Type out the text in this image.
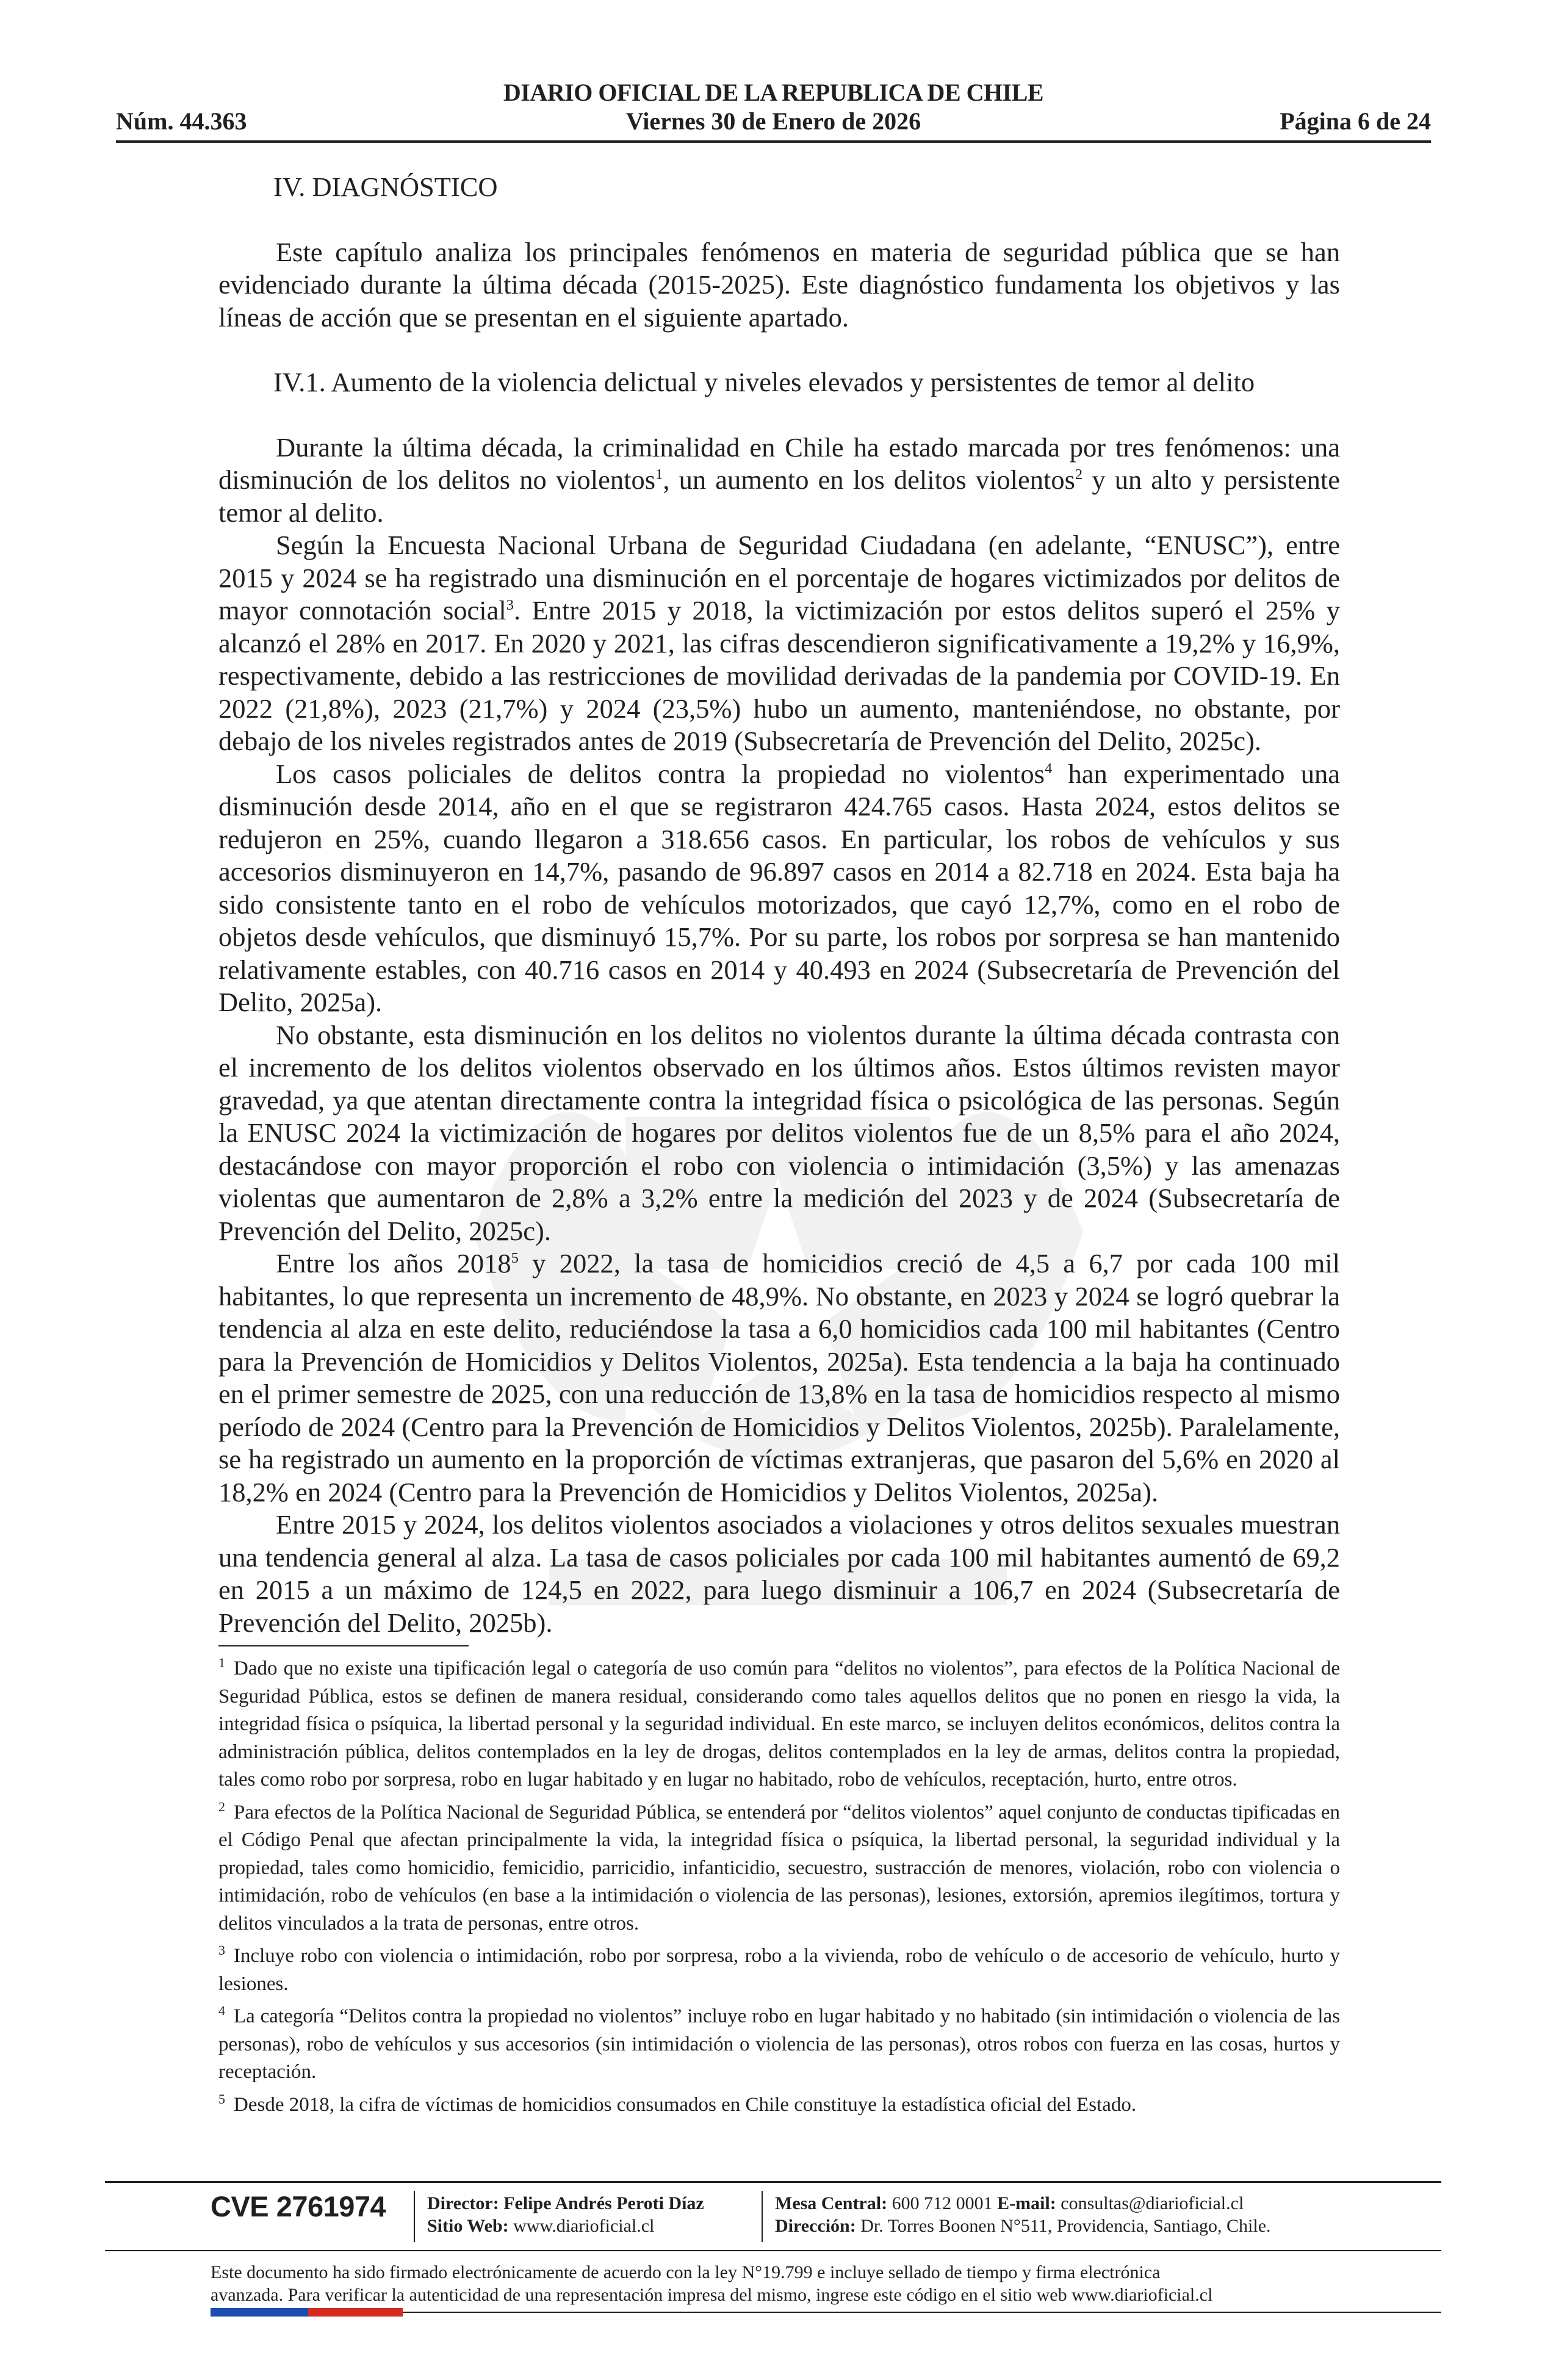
DIARIO OFICIAL DE LA REPUBLICA DE CHILE
Núm. 44.363	Viernes 30 de Enero de 2026	Página 6 de 24

IV. DIAGNÓSTICO

Este capítulo analiza los principales fenómenos en materia de seguridad pública que se han evidenciado durante la última década (2015-2025). Este diagnóstico fundamenta los objetivos y las líneas de acción que se presentan en el siguiente apartado.

IV.1. Aumento de la violencia delictual y niveles elevados y persistentes de temor al delito

Durante la última década, la criminalidad en Chile ha estado marcada por tres fenómenos: una disminución de los delitos no violentos$^1$, un aumento en los delitos violentos$^2$ y un alto y persistente temor al delito.

Según la Encuesta Nacional Urbana de Seguridad Ciudadana (en adelante, “ENUSC”), entre 2015 y 2024 se ha registrado una disminución en el porcentaje de hogares victimizados por delitos de mayor connotación social$^3$. Entre 2015 y 2018, la victimización por estos delitos superó el 25% y alcanzó el 28% en 2017. En 2020 y 2021, las cifras descendieron significativamente a 19,2% y 16,9%, respectivamente, debido a las restricciones de movilidad derivadas de la pandemia por COVID-19. En 2022 (21,8%), 2023 (21,7%) y 2024 (23,5%) hubo un aumento, manteniéndose, no obstante, por debajo de los niveles registrados antes de 2019 (Subsecretaría de Prevención del Delito, 2025c).

Los casos policiales de delitos contra la propiedad no violentos$^4$ han experimentado una disminución desde 2014, año en el que se registraron 424.765 casos. Hasta 2024, estos delitos se redujeron en 25%, cuando llegaron a 318.656 casos. En particular, los robos de vehículos y sus accesorios disminuyeron en 14,7%, pasando de 96.897 casos en 2014 a 82.718 en 2024. Esta baja ha sido consistente tanto en el robo de vehículos motorizados, que cayó 12,7%, como en el robo de objetos desde vehículos, que disminuyó 15,7%. Por su parte, los robos por sorpresa se han mantenido relativamente estables, con 40.716 casos en 2014 y 40.493 en 2024 (Subsecretaría de Prevención del Delito, 2025a).

No obstante, esta disminución en los delitos no violentos durante la última década contrasta con el incremento de los delitos violentos observado en los últimos años. Estos últimos revisten mayor gravedad, ya que atentan directamente contra la integridad física o psicológica de las personas. Según la ENUSC 2024 la victimización de hogares por delitos violentos fue de un 8,5% para el año 2024, destacándose con mayor proporción el robo con violencia o intimidación (3,5%) y las amenazas violentas que aumentaron de 2,8% a 3,2% entre la medición del 2023 y de 2024 (Subsecretaría de Prevención del Delito, 2025c).

Entre los años 2018$^5$ y 2022, la tasa de homicidios creció de 4,5 a 6,7 por cada 100 mil habitantes, lo que representa un incremento de 48,9%. No obstante, en 2023 y 2024 se logró quebrar la tendencia al alza en este delito, reduciéndose la tasa a 6,0 homicidios cada 100 mil habitantes (Centro para la Prevención de Homicidios y Delitos Violentos, 2025a). Esta tendencia a la baja ha continuado en el primer semestre de 2025, con una reducción de 13,8% en la tasa de homicidios respecto al mismo período de 2024 (Centro para la Prevención de Homicidios y Delitos Violentos, 2025b). Paralelamente, se ha registrado un aumento en la proporción de víctimas extranjeras, que pasaron del 5,6% en 2020 al 18,2% en 2024 (Centro para la Prevención de Homicidios y Delitos Violentos, 2025a).

Entre 2015 y 2024, los delitos violentos asociados a violaciones y otros delitos sexuales muestran una tendencia general al alza. La tasa de casos policiales por cada 100 mil habitantes aumentó de 69,2 en 2015 a un máximo de 124,5 en 2022, para luego disminuir a 106,7 en 2024 (Subsecretaría de Prevención del Delito, 2025b).

$^1$ Dado que no existe una tipificación legal o categoría de uso común para “delitos no violentos”, para efectos de la Política Nacional de Seguridad Pública, estos se definen de manera residual, considerando como tales aquellos delitos que no ponen en riesgo la vida, la integridad física o psíquica, la libertad personal y la seguridad individual. En este marco, se incluyen delitos económicos, delitos contra la administración pública, delitos contemplados en la ley de drogas, delitos contemplados en la ley de armas, delitos contra la propiedad, tales como robo por sorpresa, robo en lugar habitado y en lugar no habitado, robo de vehículos, receptación, hurto, entre otros.

$^2$ Para efectos de la Política Nacional de Seguridad Pública, se entenderá por “delitos violentos” aquel conjunto de conductas tipificadas en el Código Penal que afectan principalmente la vida, la integridad física o psíquica, la libertad personal, la seguridad individual y la propiedad, tales como homicidio, femicidio, parricidio, infanticidio, secuestro, sustracción de menores, violación, robo con violencia o intimidación, robo de vehículos (en base a la intimidación o violencia de las personas), lesiones, extorsión, apremios ilegítimos, tortura y delitos vinculados a la trata de personas, entre otros.

$^3$ Incluye robo con violencia o intimidación, robo por sorpresa, robo a la vivienda, robo de vehículo o de accesorio de vehículo, hurto y lesiones.

$^4$ La categoría “Delitos contra la propiedad no violentos” incluye robo en lugar habitado y no habitado (sin intimidación o violencia de las personas), robo de vehículos y sus accesorios (sin intimidación o violencia de las personas), otros robos con fuerza en las cosas, hurtos y receptación.

$^5$ Desde 2018, la cifra de víctimas de homicidios consumados en Chile constituye la estadística oficial del Estado.

CVE 2761974 Director: Felipe Andrés Peroti Díaz
Sitio Web: www.diarioficial.cl
Mesa Central: 600 712 0001 E-mail: consultas@diarioficial.cl
Dirección: Dr. Torres Boonen N°511, Providencia, Santiago, Chile.
Este documento ha sido firmado electrónicamente de acuerdo con la ley N°19.799 e incluye sellado de tiempo y firma electrónica
avanzada. Para verificar la autenticidad de una representación impresa del mismo, ingrese este código en el sitio web www.diarioficial.cl
